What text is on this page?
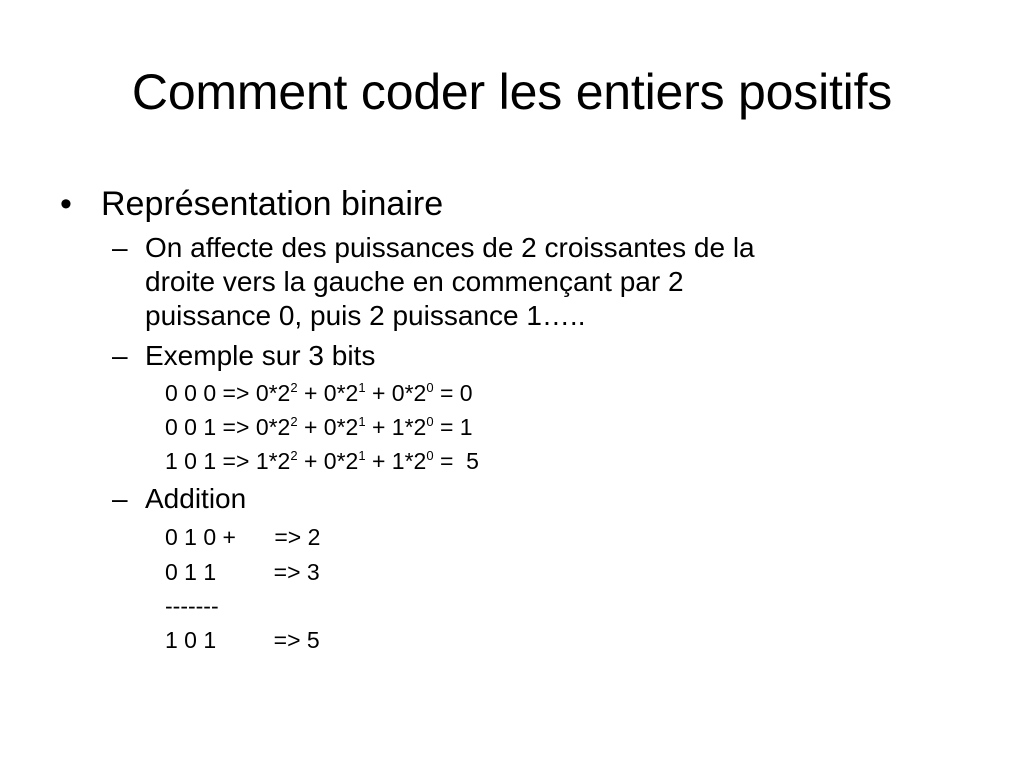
Comment coder les entiers positifs
• Représentation binaire
– On affecte des puissances de 2 croissantes de la
droite vers la gauche en commençant par 2
puissance 0, puis 2 puissance 1…..
– Exemple sur 3 bits
0 0 $0 => 0*2^2 + 0*2^1 + 0*2^0 = 0$
0 0 $1 => 0*2^2 + 0*2^1 + 1*2^0 = 1$
1 0 $1 => 1*2^2 + 0*2^1 + 1*2^0 = 5$
– Addition
0 1 0 +      => 2
0 1 1         => 3
-------
1 0 1         => 5
